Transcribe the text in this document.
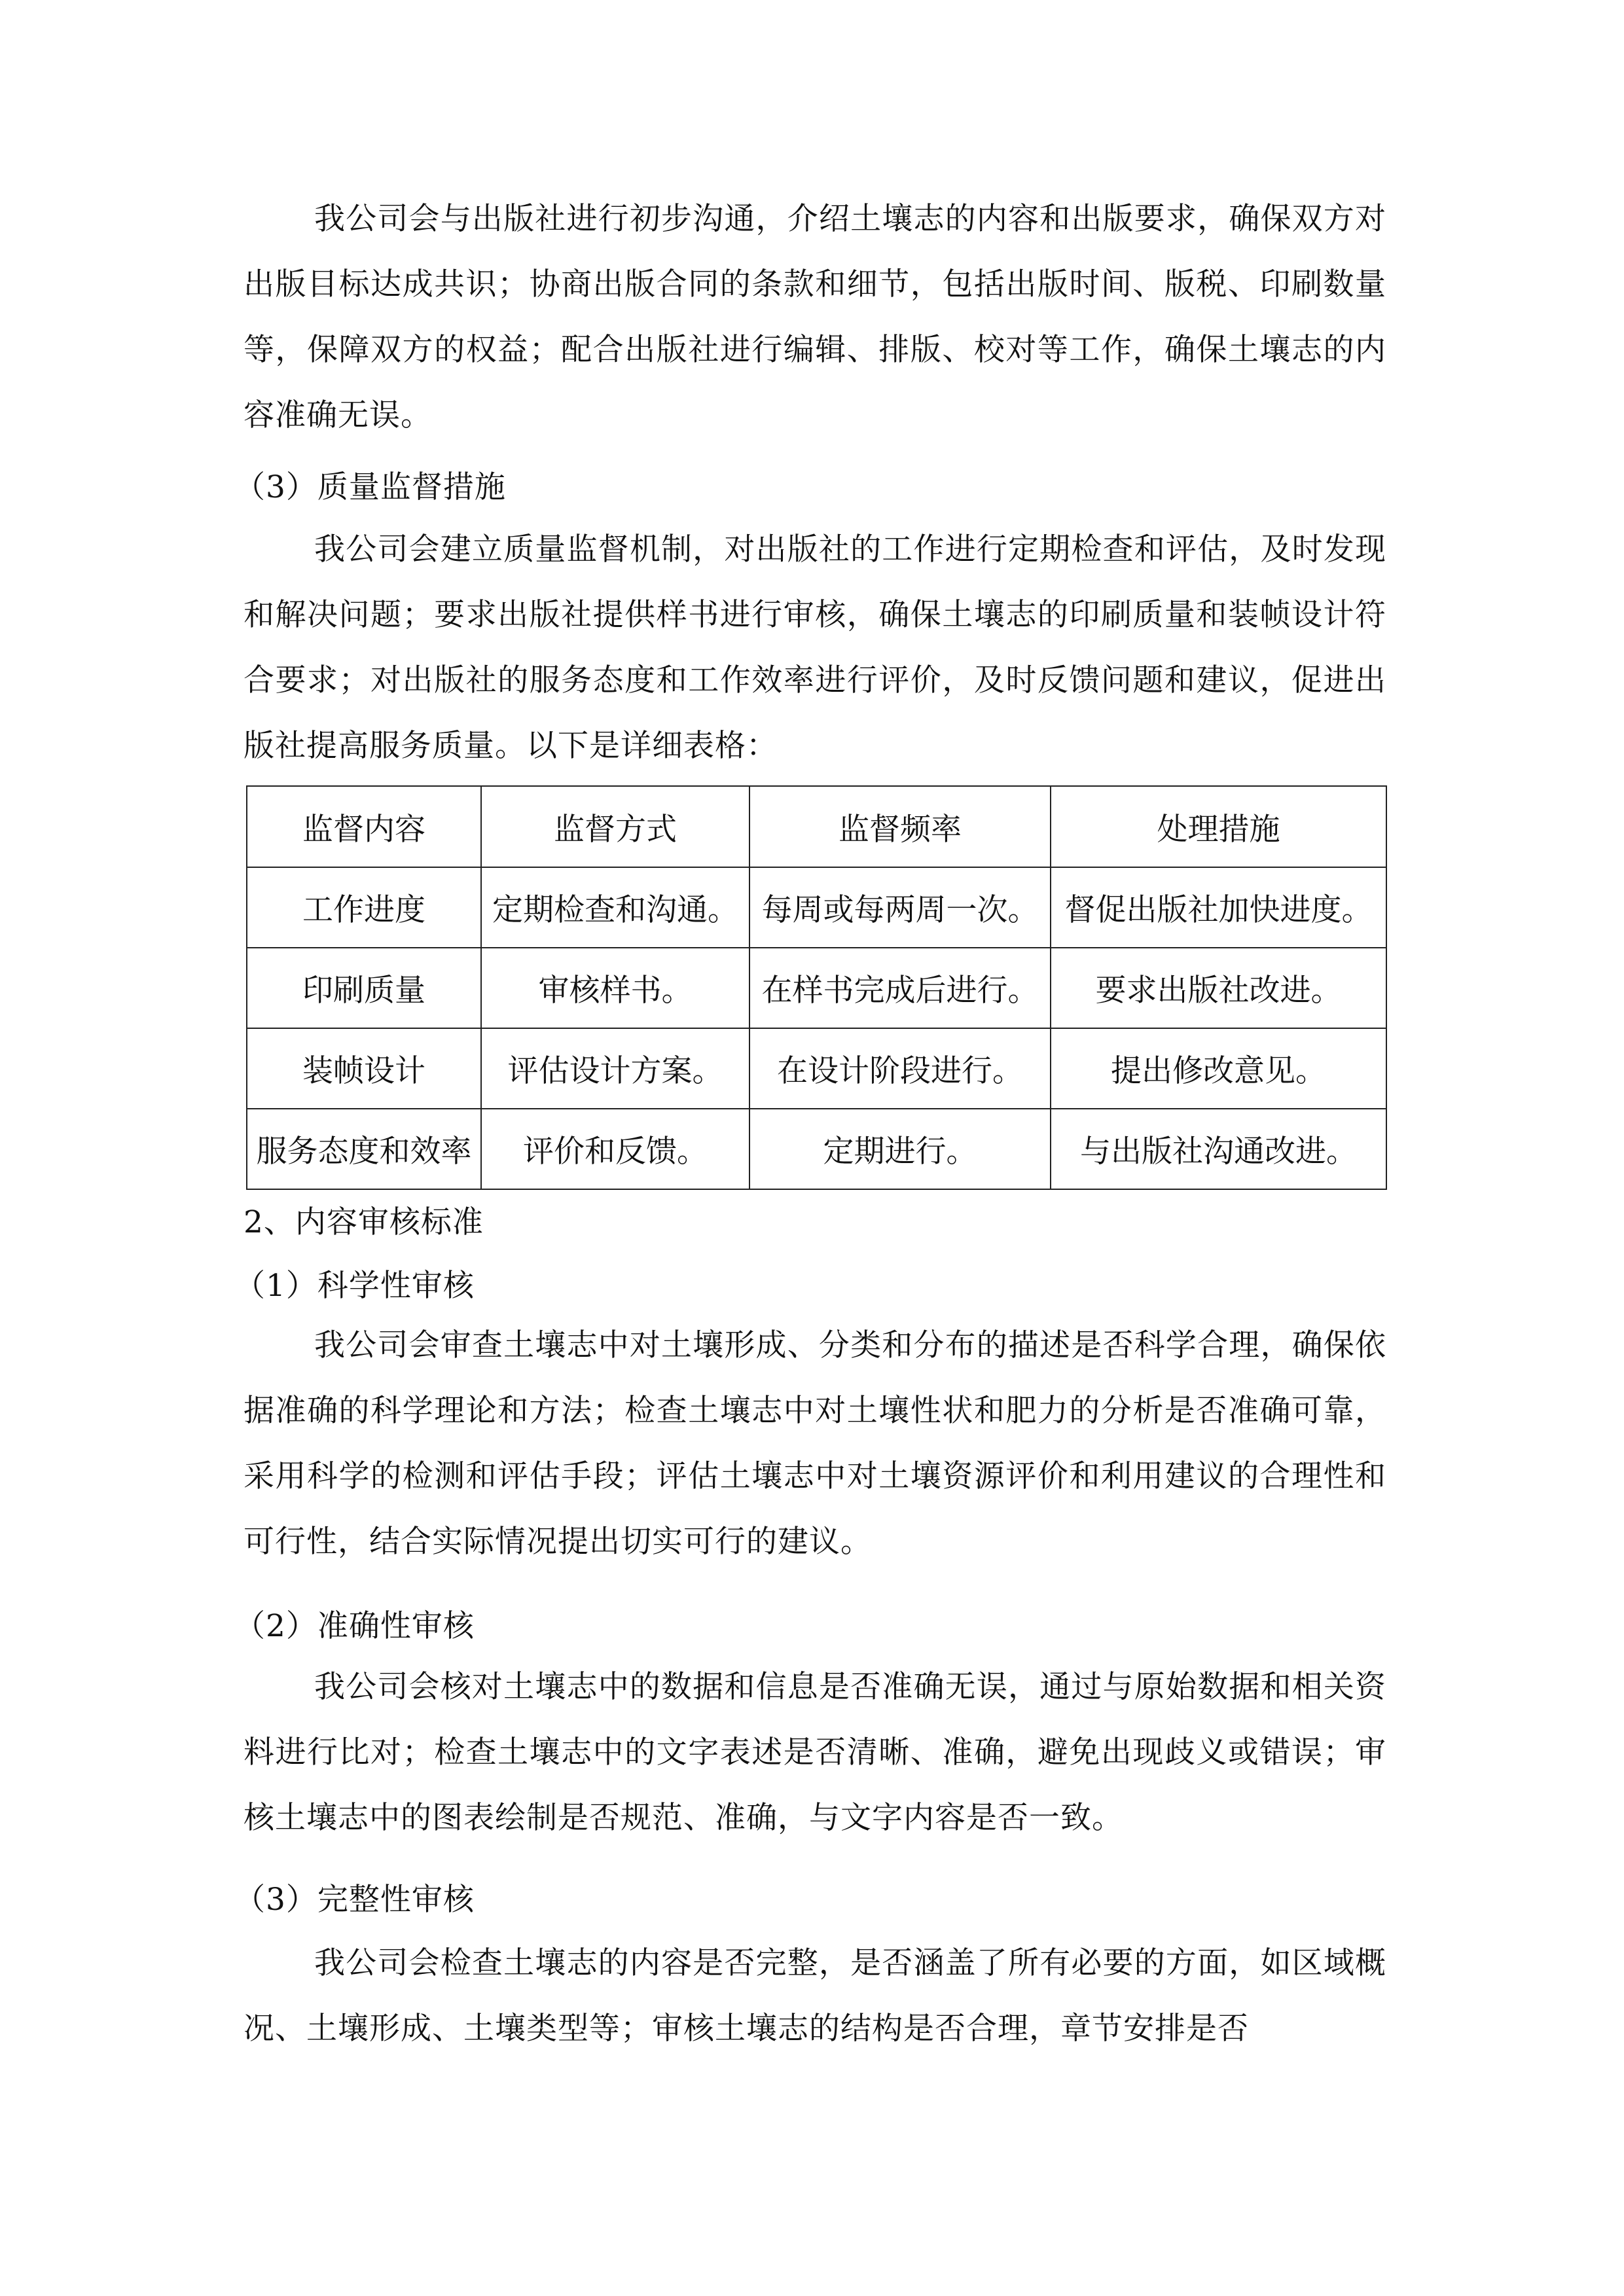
我公司会与出版社进行初步沟通，介绍土壤志的内容和出版要求，确保双方对出版目标达成共识；协商出版合同的条款和细节，包括出版时间、版税、印刷数量等，保障双方的权益；配合出版社进行编辑、排版、校对等工作，确保土壤志的内容准确无误。

（3）质量监督措施

我公司会建立质量监督机制，对出版社的工作进行定期检查和评估，及时发现和解决问题；要求出版社提供样书进行审核，确保土壤志的印刷质量和装帧设计符合要求；对出版社的服务态度和工作效率进行评价，及时反馈问题和建议，促进出版社提高服务质量。以下是详细表格：

监督内容	监督方式	监督频率	处理措施
工作进度	定期检查和沟通。	每周或每两周一次。	督促出版社加快进度。
印刷质量	审核样书。	在样书完成后进行。	要求出版社改进。
装帧设计	评估设计方案。	在设计阶段进行。	提出修改意见。
服务态度和效率	评价和反馈。	定期进行。	与出版社沟通改进。

2、内容审核标准

（1）科学性审核

我公司会审查土壤志中对土壤形成、分类和分布的描述是否科学合理，确保依据准确的科学理论和方法；检查土壤志中对土壤性状和肥力的分析是否准确可靠，采用科学的检测和评估手段；评估土壤志中对土壤资源评价和利用建议的合理性和可行性，结合实际情况提出切实可行的建议。

（2）准确性审核

我公司会核对土壤志中的数据和信息是否准确无误，通过与原始数据和相关资料进行比对；检查土壤志中的文字表述是否清晰、准确，避免出现歧义或错误；审核土壤志中的图表绘制是否规范、准确，与文字内容是否一致。

（3）完整性审核

我公司会检查土壤志的内容是否完整，是否涵盖了所有必要的方面，如区域概况、土壤形成、土壤类型等；审核土壤志的结构是否合理，章节安排是否
